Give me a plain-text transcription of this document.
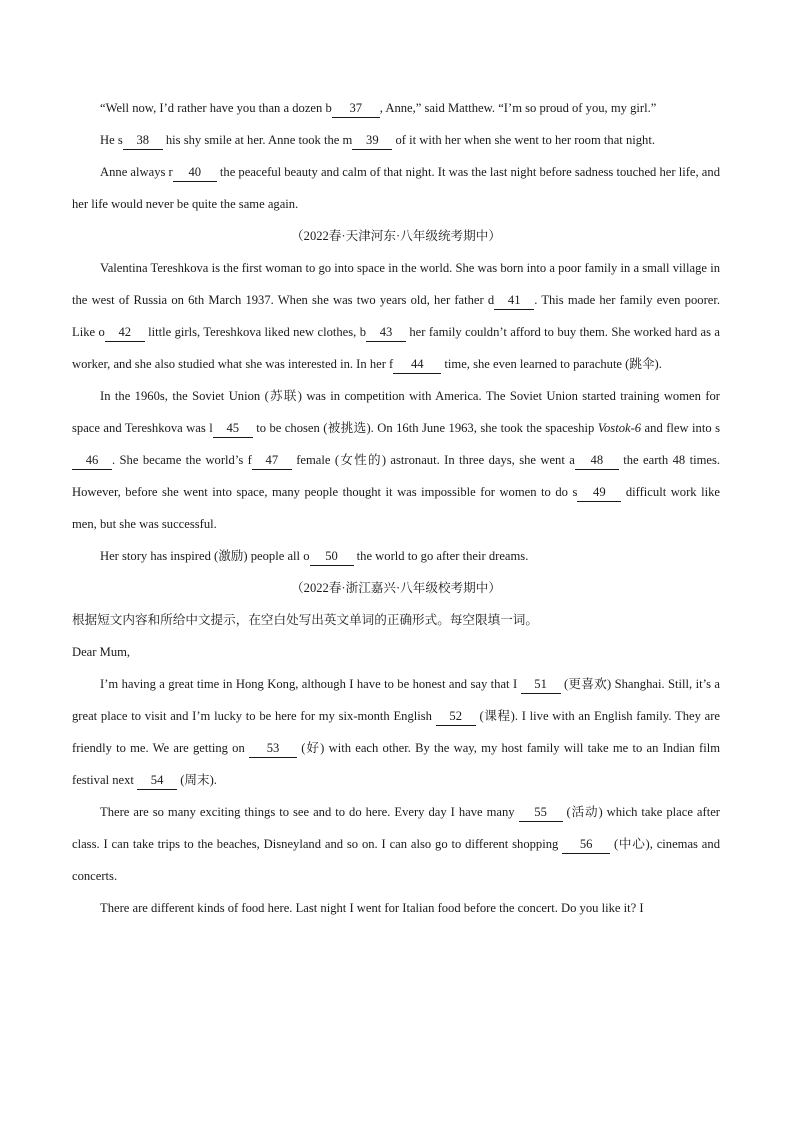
“Well now, I’d rather have you than a dozen b 37 , Anne,” said Matthew. “I’m so proud of you, my girl.”

He s 38 his shy smile at her. Anne took the m 39 of it with her when she went to her room that night.

Anne always r 40 the peaceful beauty and calm of that night. It was the last night before sadness touched her life, and her life would never be quite the same again.

（2022春·天津河东·八年级统考期中）

Valentina Tereshkova is the first woman to go into space in the world. She was born into a poor family in a small village in the west of Russia on 6th March 1937. When she was two years old, her father d 41 . This made her family even poorer. Like o 42 little girls, Tereshkova liked new clothes, b 43 her family couldn’t afford to buy them. She worked hard as a worker, and she also studied what she was interested in. In her f 44 time, she even learned to parachute (跳伞).

In the 1960s, the Soviet Union (苏联) was in competition with America. The Soviet Union started training women for space and Tereshkova was l 45 to be chosen (被挑选). On 16th June 1963, she took the spaceship Vostok-6 and flew into s46 . She became the world’s f 47 female (女性的) astronaut. In three days, she went a 48 the earth 48 times. However, before she went into space, many people thought it was impossible for women to do s 49 difficult work like men, but she was successful.

Her story has inspired (激励) people all o 50 the world to go after their dreams.

（2022春·浙江嘉兴·八年级校考期中）

根据短文内容和所给中文提示，在空白处写出英文单词的正确形式。每空限填一词。

Dear Mum,

I’m having a great time in Hong Kong, although I have to be honest and say that I 51 (更喜欢) Shanghai. Still, it’s a great place to visit and I’m lucky to be here for my six-month English 52 (课程). I live with an English family. They are friendly to me. We are getting on 53 (好) with each other. By the way, my host family will take me to an Indian film festival next 54 (周末).

There are so many exciting things to see and to do here. Every day I have many 55 (活动) which take place after class. I can take trips to the beaches, Disneyland and so on. I can also go to different shopping 56 (中心), cinemas and concerts.

There are different kinds of food here. Last night I went for Italian food before the concert. Do you like it? I
